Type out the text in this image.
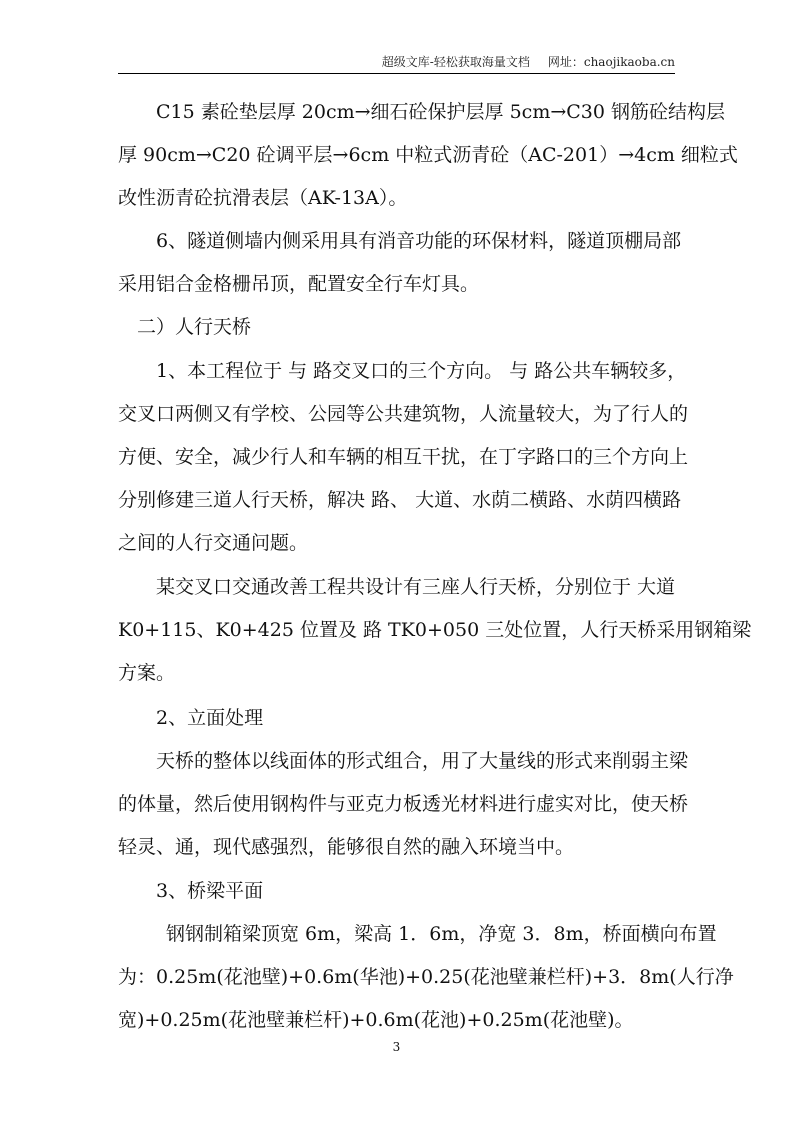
超级文库-轻松获取海量文档 网址：chaojikaoba.cn
C15 素砼垫层厚 20cm→细石砼保护层厚 5cm→C30 钢筋砼结构层
厚 90cm→C20 砼调平层→6cm 中粒式沥青砼（AC-201）→4cm 细粒式
改性沥青砼抗滑表层（AK-13A）。
6、隧道侧墙内侧采用具有消音功能的环保材料，隧道顶棚局部
采用铝合金格栅吊顶，配置安全行车灯具。
二）人行天桥
1、本工程位于 与 路交叉口的三个方向。 与 路公共车辆较多，
交叉口两侧又有学校、公园等公共建筑物，人流量较大，为了行人的
方便、安全，减少行人和车辆的相互干扰，在丁字路口的三个方向上
分别修建三道人行天桥，解决 路、 大道、水荫二横路、水荫四横路
之间的人行交通问题。
某交叉口交通改善工程共设计有三座人行天桥，分别位于 大道
K0+115、K0+425 位置及 路 TK0+050 三处位置，人行天桥采用钢箱梁
方案。
2、立面处理
天桥的整体以线面体的形式组合，用了大量线的形式来削弱主梁
的体量，然后使用钢构件与亚克力板透光材料进行虚实对比，使天桥
轻灵、通，现代感强烈，能够很自然的融入环境当中。
3、桥梁平面
钢钢制箱梁顶宽 6m，梁高 1．6m，净宽 3．8m，桥面横向布置
为：0.25m(花池壁)+0.6m(华池)+0.25(花池壁兼栏杆)+3．8m(人行净
宽)+0.25m(花池壁兼栏杆)+0.6m(花池)+0.25m(花池壁)。
3
